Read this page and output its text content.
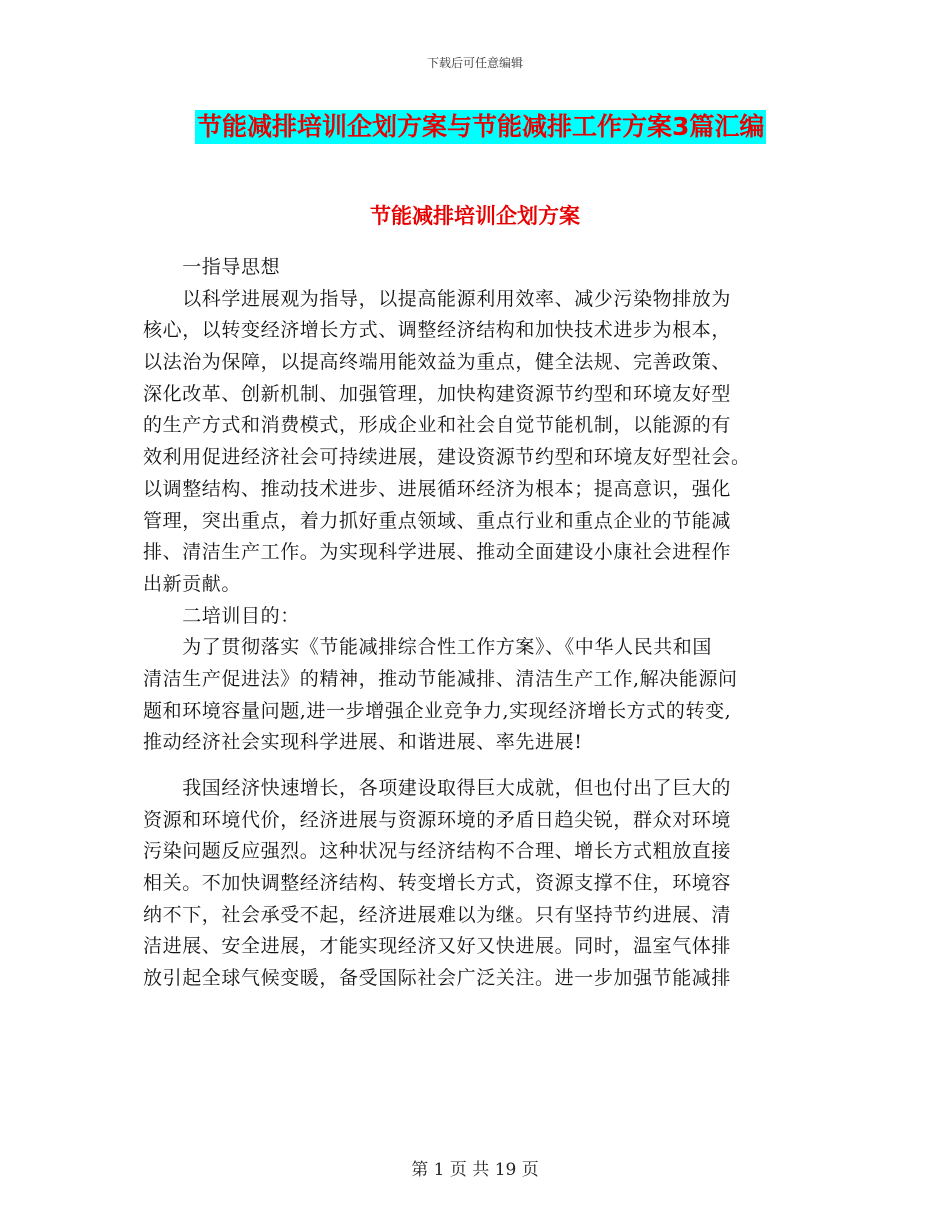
下载后可任意编辑
节能减排培训企划方案与节能减排工作方案3篇汇编
节能减排培训企划方案
　　一指导思想
　　以科学进展观为指导，以提高能源利用效率、减少污染物排放为
核心，以转变经济增长方式、调整经济结构和加快技术进步为根本，
以法治为保障，以提高终端用能效益为重点，健全法规、完善政策、
深化改革、创新机制、加强管理，加快构建资源节约型和环境友好型
的生产方式和消费模式，形成企业和社会自觉节能机制，以能源的有
效利用促进经济社会可持续进展，建设资源节约型和环境友好型社会。
以调整结构、推动技术进步、进展循环经济为根本；提高意识，强化
管理，突出重点，着力抓好重点领域、重点行业和重点企业的节能减
排、清洁生产工作。为实现科学进展、推动全面建设小康社会进程作
出新贡献。
　　二培训目的：
　　为了贯彻落实《节能减排综合性工作方案》、《中华人民共和国
清洁生产促进法》的精神，推动节能减排、清洁生产工作,解决能源问
题和环境容量问题,进一步增强企业竞争力,实现经济增长方式的转变,
推动经济社会实现科学进展、和谐进展、率先进展!
　　我国经济快速增长，各项建设取得巨大成就，但也付出了巨大的
资源和环境代价，经济进展与资源环境的矛盾日趋尖锐，群众对环境
污染问题反应强烈。这种状况与经济结构不合理、增长方式粗放直接
相关。不加快调整经济结构、转变增长方式，资源支撑不住，环境容
纳不下，社会承受不起，经济进展难以为继。只有坚持节约进展、清
洁进展、安全进展，才能实现经济又好又快进展。同时，温室气体排
放引起全球气候变暖，备受国际社会广泛关注。进一步加强节能减排
第 1 页 共 19 页
